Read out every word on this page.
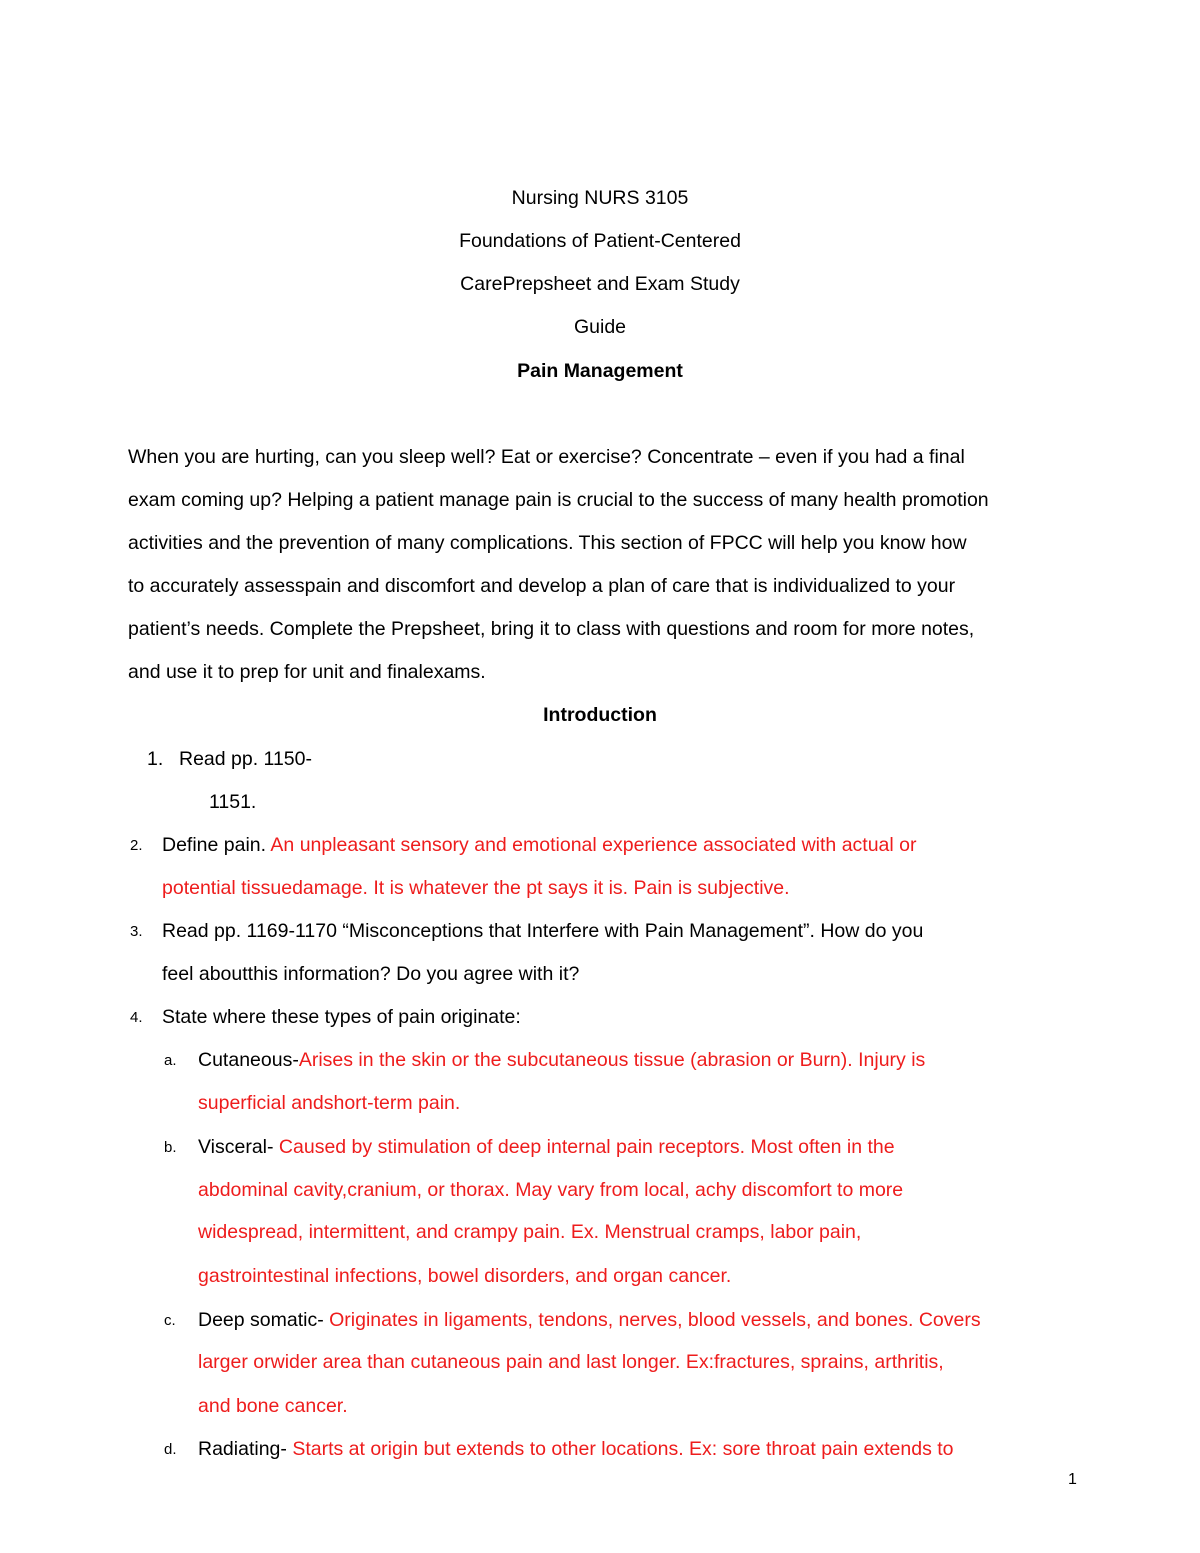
Nursing NURS 3105
Foundations of Patient-Centered
CarePrepsheet and Exam Study
Guide
Pain Management
When you are hurting, can you sleep well? Eat or exercise? Concentrate – even if you had a final
exam coming up? Helping a patient manage pain is crucial to the success of many health promotion
activities and the prevention of many complications. This section of FPCC will help you know how
to accurately assesspain and discomfort and develop a plan of care that is individualized to your
patient’s needs. Complete the Prepsheet, bring it to class with questions and room for more notes,
and use it to prep for unit and finalexams.
Introduction
1. Read pp. 1150-
1151.
2. Define pain. An unpleasant sensory and emotional experience associated with actual or
potential tissuedamage. It is whatever the pt says it is. Pain is subjective.
3. Read pp. 1169-1170 “Misconceptions that Interfere with Pain Management”. How do you
feel aboutthis information? Do you agree with it?
4. State where these types of pain originate:
a. Cutaneous-Arises in the skin or the subcutaneous tissue (abrasion or Burn). Injury is
superficial andshort-term pain.
b. Visceral- Caused by stimulation of deep internal pain receptors. Most often in the
abdominal cavity,cranium, or thorax. May vary from local, achy discomfort to more
widespread, intermittent, and crampy pain. Ex. Menstrual cramps, labor pain,
gastrointestinal infections, bowel disorders, and organ cancer.
c. Deep somatic- Originates in ligaments, tendons, nerves, blood vessels, and bones. Covers
larger orwider area than cutaneous pain and last longer. Ex:fractures, sprains, arthritis,
and bone cancer.
d. Radiating- Starts at origin but extends to other locations. Ex: sore throat pain extends to
1
